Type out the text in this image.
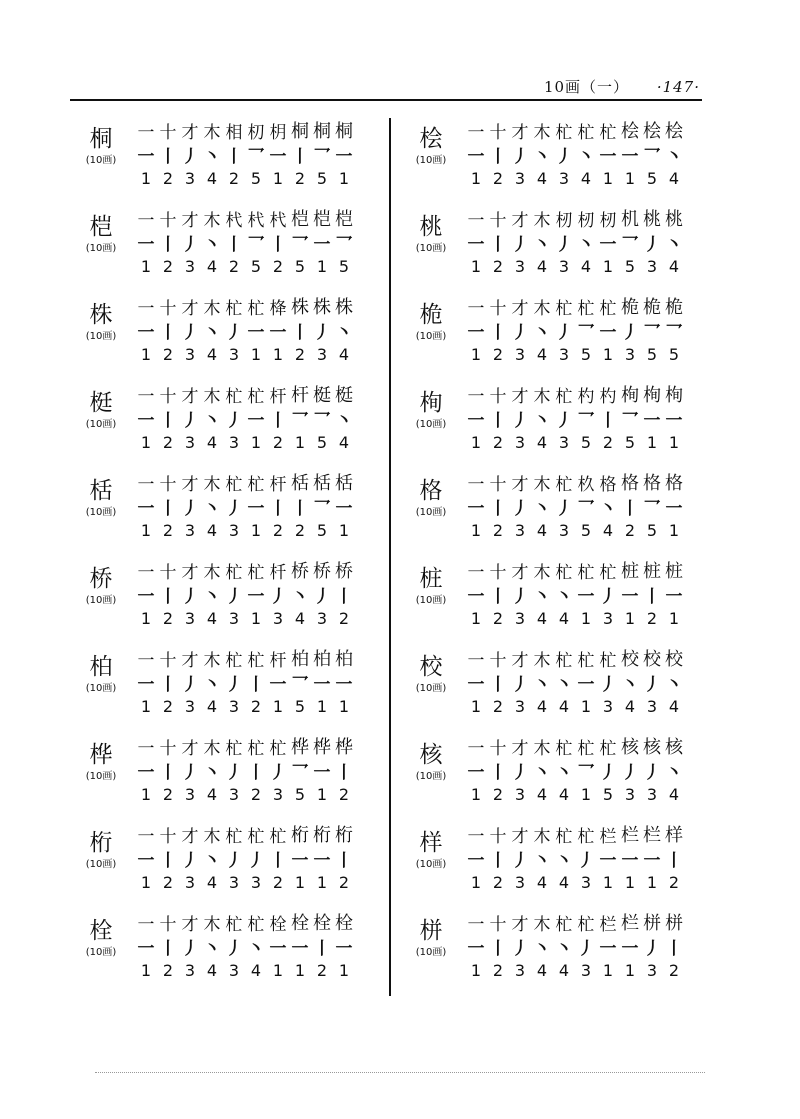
10画（一） ·147·
桐
(10画)
一 十 才 木 相 朷 枂 桐 桐 桐
一 丨 丿 丶 丨 乛 一 丨 乛 一
1 2 3 4 2 5 1 2 5 1
桤
(10画)
一 十 才 木 杙 杙 杙 桤 桤 桤
一 丨 丿 丶 丨 乛 丨 乛 一 乛
1 2 3 4 2 5 2 5 1 5
株
(10画)
一 十 才 木 杧 杧 栙 株 株 株
一 丨 丿 丶 丿 一 一 丨 丿 丶
1 2 3 4 3 1 1 2 3 4
梃
(10画)
一 十 才 木 杧 杧 杆 杆 梃 梃
一 丨 丿 丶 丿 一 丨 乛 乛 丶
1 2 3 4 3 1 2 1 5 4
栝
(10画)
一 十 才 木 杧 杧 杆 栝 栝 栝
一 丨 丿 丶 丿 一 丨 丨 乛 一
1 2 3 4 3 1 2 2 5 1
桥
(10画)
一 十 才 木 杧 杧 杄 桥 桥 桥
一 丨 丿 丶 丿 一 丿 丶 丿 丨
1 2 3 4 3 1 3 4 3 2
柏
(10画)
一 十 才 木 杧 杧 杆 柏 柏 柏
一 丨 丿 丶 丿 丨 一 乛 一 一
1 2 3 4 3 2 1 5 1 1
桦
(10画)
一 十 才 木 杧 杧 杧 桦 桦 桦
一 丨 丿 丶 丿 丨 丿 乛 一 丨
1 2 3 4 3 2 3 5 1 2
桁
(10画)
一 十 才 木 杧 杧 杧 桁 桁 桁
一 丨 丿 丶 丿 丿 丨 一 一 丨
1 2 3 4 3 3 2 1 1 2
栓
(10画)
一 十 才 木 杧 杧 栓 栓 栓 栓
一 丨 丿 丶 丿 丶 一 一 丨 一
1 2 3 4 3 4 1 1 2 1
桧
(10画)
一 十 才 木 杧 杧 杧 桧 桧 桧
一 丨 丿 丶 丿 丶 一 一 乛 丶
1 2 3 4 3 4 1 1 5 4
桃
(10画)
一 十 才 木 杒 杒 杒 机 桃 桃
一 丨 丿 丶 丿 丶 一 乛 丿 丶
1 2 3 4 3 4 1 5 3 4
桅
(10画)
一 十 才 木 杧 杧 杧 桅 桅 桅
一 丨 丿 丶 丿 乛 一 丿 乛 乛
1 2 3 4 3 5 1 3 5 5
栒
(10画)
一 十 才 木 杧 杓 杓 栒 栒 栒
一 丨 丿 丶 丿 乛 丨 乛 一 一
1 2 3 4 3 5 2 5 1 1
格
(10画)
一 十 才 木 杧 杦 格 格 格 格
一 丨 丿 丶 丿 乛 丶 丨 乛 一
1 2 3 4 3 5 4 2 5 1
桩
(10画)
一 十 才 木 杧 杧 杧 桩 桩 桩
一 丨 丿 丶 丶 一 丿 一 丨 一
1 2 3 4 4 1 3 1 2 1
校
(10画)
一 十 才 木 杧 杧 杧 校 校 校
一 丨 丿 丶 丶 一 丿 丶 丿 丶
1 2 3 4 4 1 3 4 3 4
核
(10画)
一 十 才 木 杧 杧 杧 核 核 核
一 丨 丿 丶 丶 乛 丿 丿 丿 丶
1 2 3 4 4 1 5 3 3 4
样
(10画)
一 十 才 木 杧 杧 栏 栏 栏 样
一 丨 丿 丶 丶 丿 一 一 一 丨
1 2 3 4 4 3 1 1 1 2
栟
(10画)
一 十 才 木 杧 杧 栏 栏 栟 栟
一 丨 丿 丶 丶 丿 一 一 丿 丨
1 2 3 4 4 3 1 1 3 2
